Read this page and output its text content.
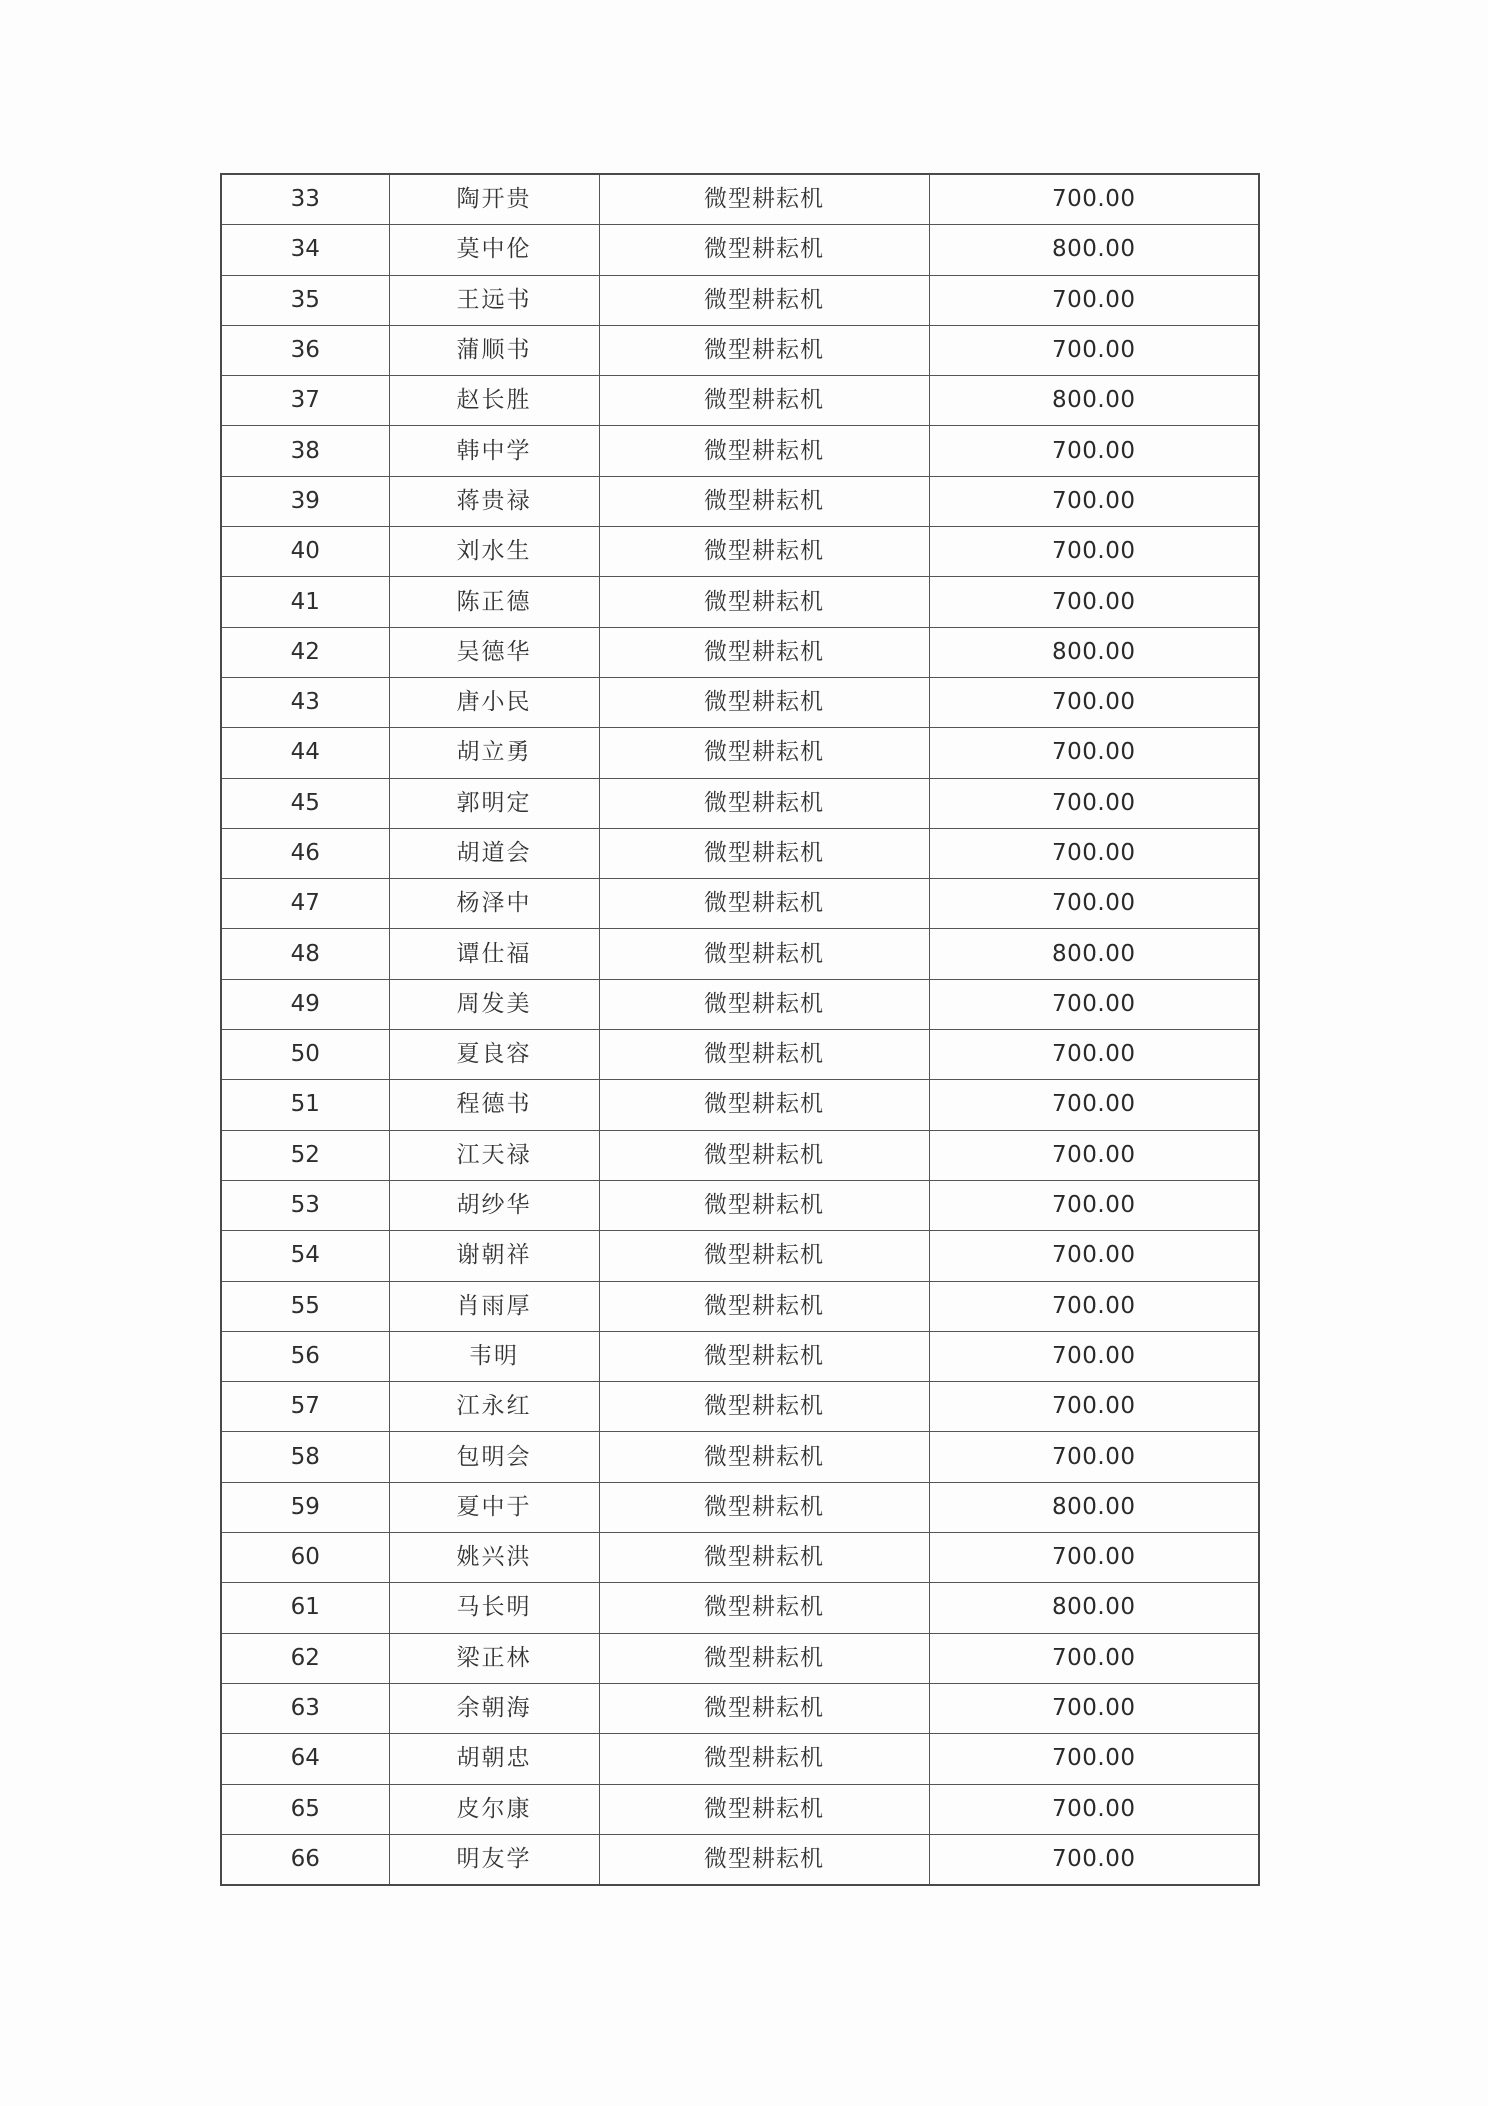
33	陶开贵	微型耕耘机	700.00
34	莫中伦	微型耕耘机	800.00
35	王远书	微型耕耘机	700.00
36	蒲顺书	微型耕耘机	700.00
37	赵长胜	微型耕耘机	800.00
38	韩中学	微型耕耘机	700.00
39	蒋贵禄	微型耕耘机	700.00
40	刘水生	微型耕耘机	700.00
41	陈正德	微型耕耘机	700.00
42	吴德华	微型耕耘机	800.00
43	唐小民	微型耕耘机	700.00
44	胡立勇	微型耕耘机	700.00
45	郭明定	微型耕耘机	700.00
46	胡道会	微型耕耘机	700.00
47	杨泽中	微型耕耘机	700.00
48	谭仕福	微型耕耘机	800.00
49	周发美	微型耕耘机	700.00
50	夏良容	微型耕耘机	700.00
51	程德书	微型耕耘机	700.00
52	江天禄	微型耕耘机	700.00
53	胡纱华	微型耕耘机	700.00
54	谢朝祥	微型耕耘机	700.00
55	肖雨厚	微型耕耘机	700.00
56	韦明	微型耕耘机	700.00
57	江永红	微型耕耘机	700.00
58	包明会	微型耕耘机	700.00
59	夏中于	微型耕耘机	800.00
60	姚兴洪	微型耕耘机	700.00
61	马长明	微型耕耘机	800.00
62	梁正林	微型耕耘机	700.00
63	余朝海	微型耕耘机	700.00
64	胡朝忠	微型耕耘机	700.00
65	皮尔康	微型耕耘机	700.00
66	明友学	微型耕耘机	700.00
